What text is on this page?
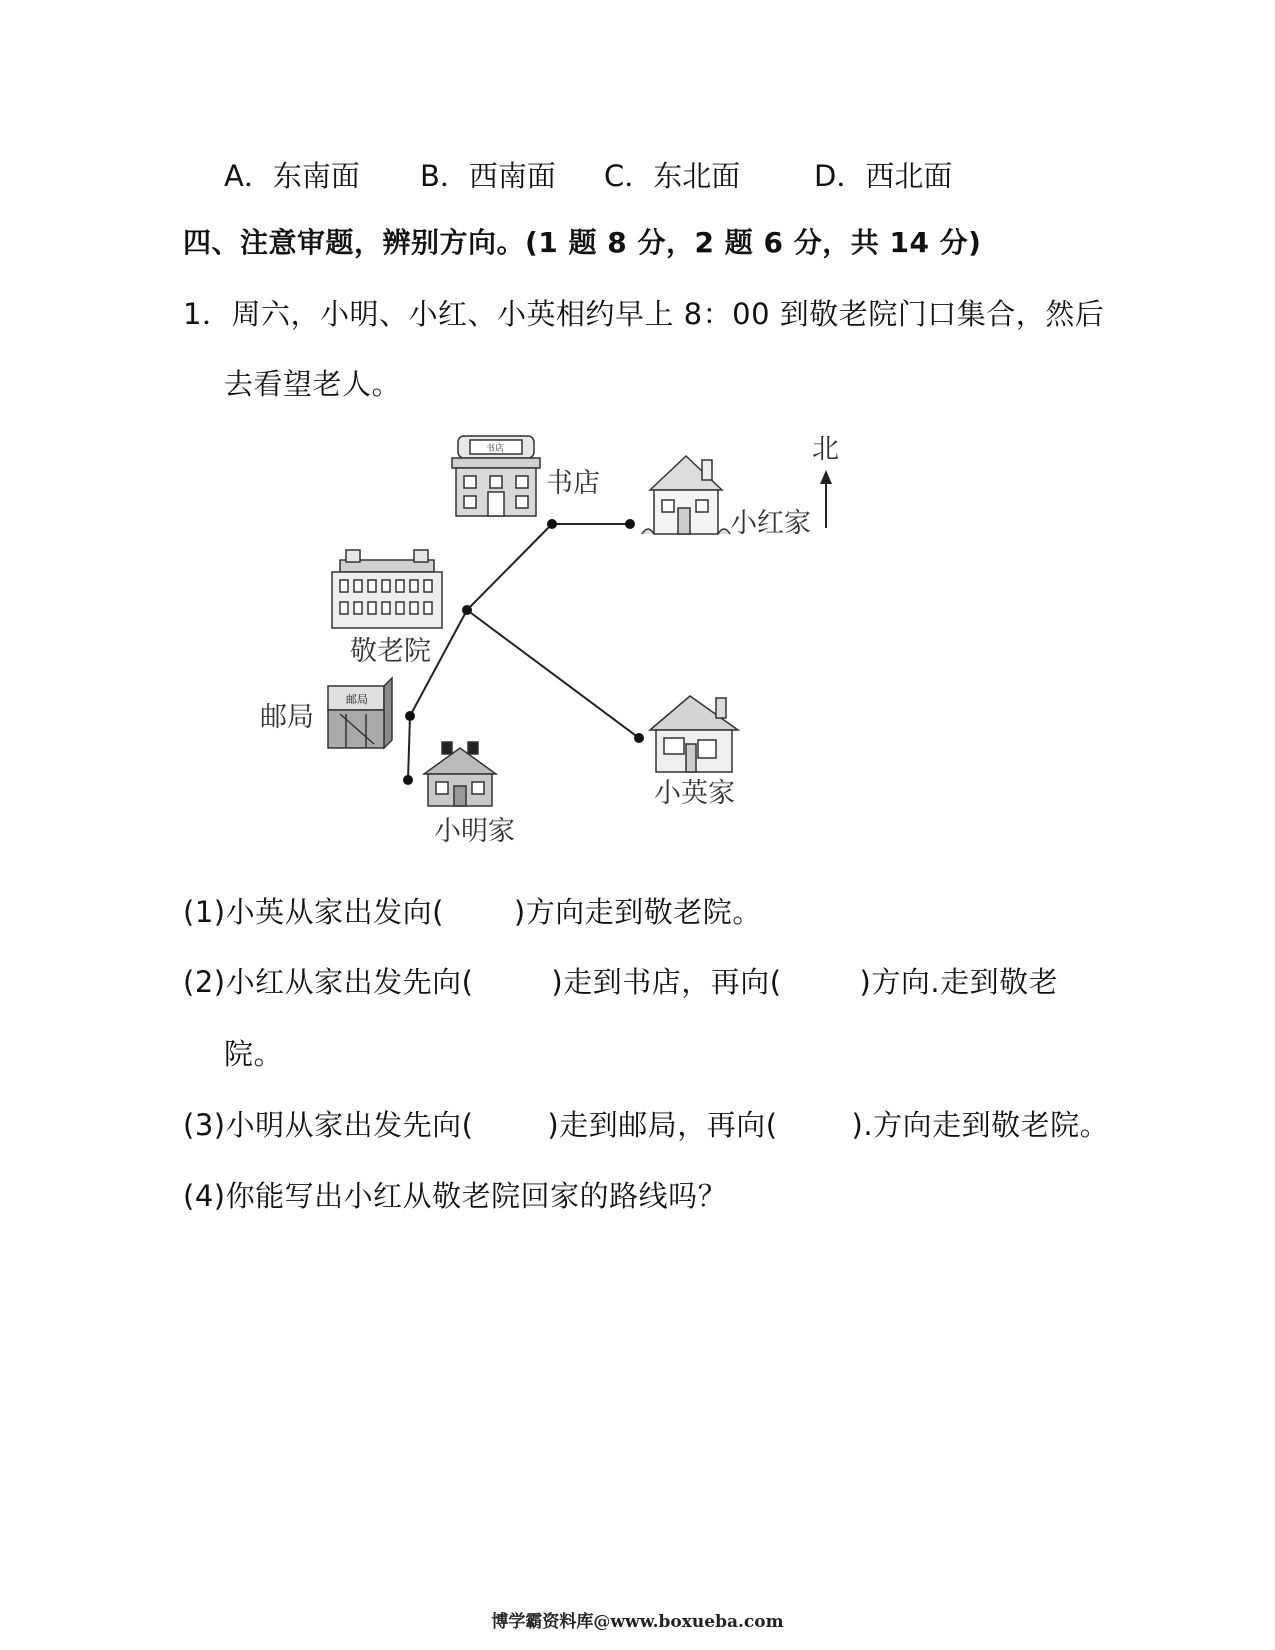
A．东南面 B．西南面 C．东北面	D．西北面
四、注意审题，辨别方向。(1 题 8 分，2 题 6 分，共 14 分)
1．周六，小明、小红、小英相约早上 8：00 到敬老院门口集合，然后
去看望老人。
北
书店
书店
小红家
敬老院
邮局
邮局
小明家
小英家
(1)小英从家出发向( )方向走到敬老院。
(2)小红从家出发先向(	)走到书店，再向(	)方向.走到敬老
院。
(3)小明从家出发先向(	)走到邮局，再向(	).方向走到敬老院。
(4)你能写出小红从敬老院回家的路线吗？
博学霸资料库@www.boxueba.com
